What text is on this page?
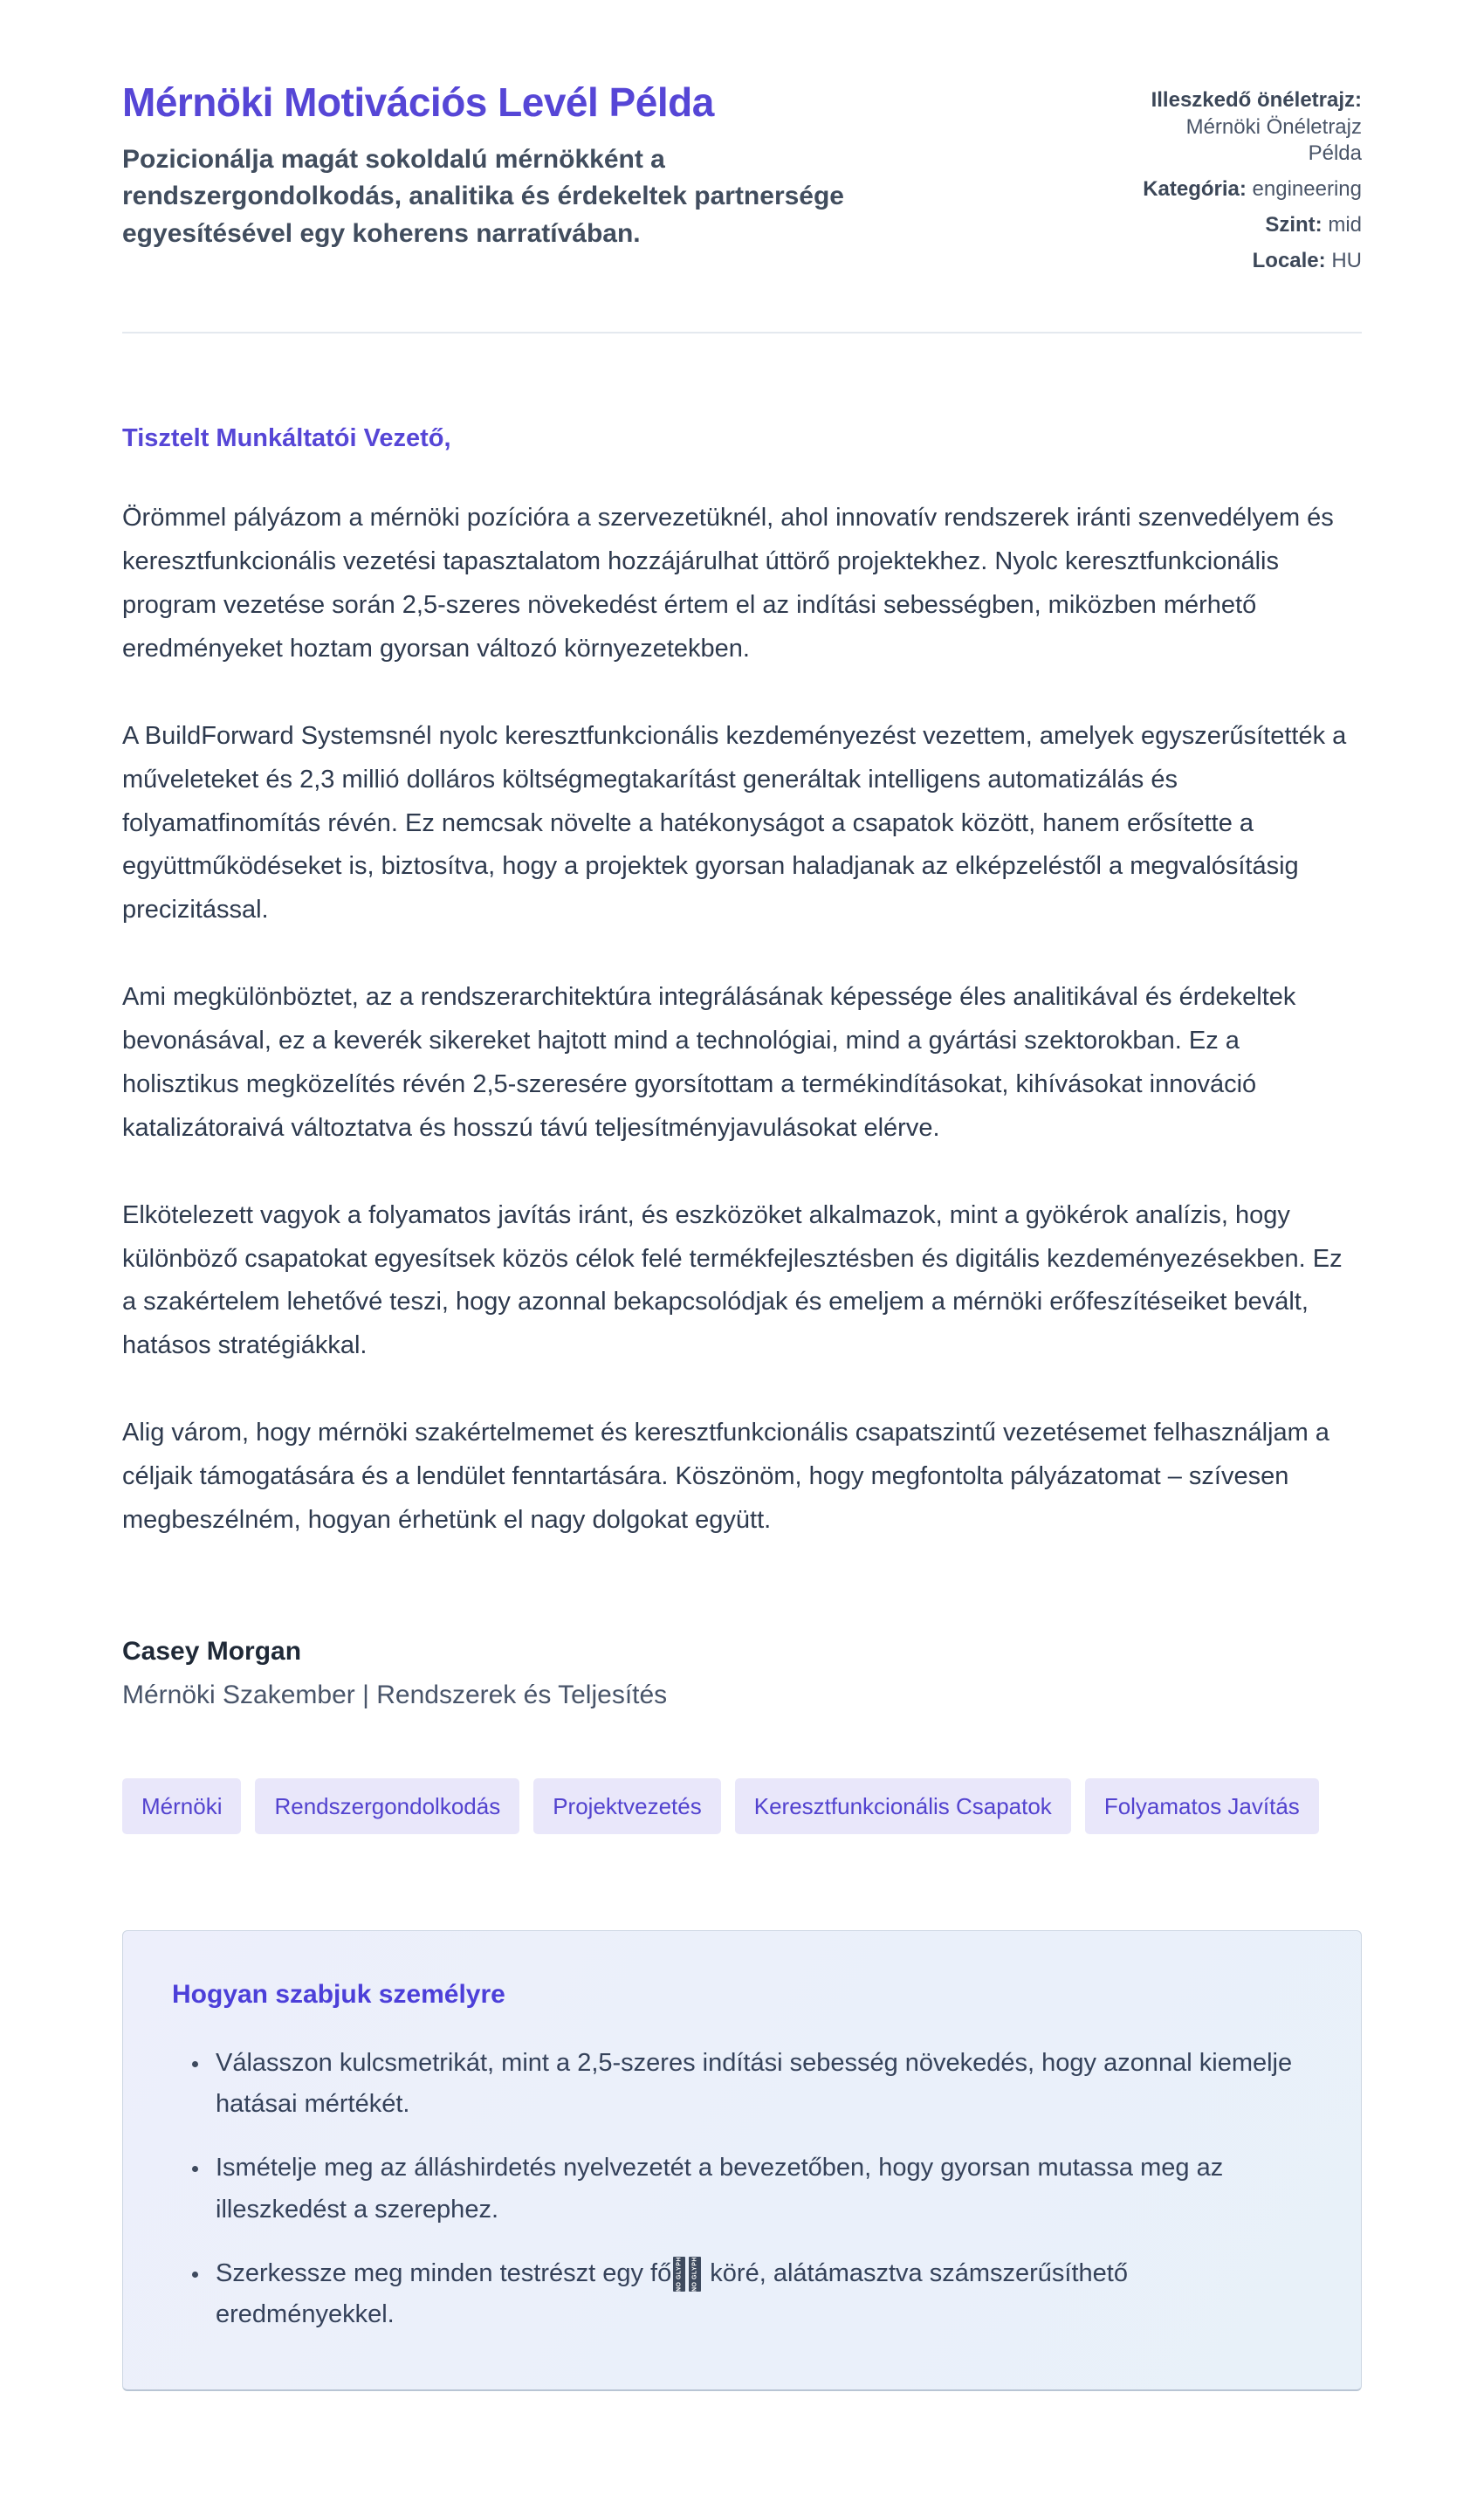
Mérnöki Motivációs Levél Példa

Pozicionálja magát sokoldalú mérnökként a rendszergondolkodás, analitika és érdekeltek partnersége egyesítésével egy koherens narratívában.

Illeszkedő önéletrajz: Mérnöki Önéletrajz Példa
Kategória: engineering
Szint: mid
Locale: HU

Tisztelt Munkáltatói Vezető,

Örömmel pályázom a mérnöki pozícióra a szervezetüknél, ahol innovatív rendszerek iránti szenvedélyem és keresztfunkcionális vezetési tapasztalatom hozzájárulhat úttörő projektekhez. Nyolc keresztfunkcionális program vezetése során 2,5-szeres növekedést értem el az indítási sebességben, miközben mérhető eredményeket hoztam gyorsan változó környezetekben.

A BuildForward Systemsnél nyolc keresztfunkcionális kezdeményezést vezettem, amelyek egyszerűsítették a műveleteket és 2,3 millió dolláros költségmegtakarítást generáltak intelligens automatizálás és folyamatfinomítás révén. Ez nemcsak növelte a hatékonyságot a csapatok között, hanem erősítette a együttműködéseket is, biztosítva, hogy a projektek gyorsan haladjanak az elképzeléstől a megvalósításig precizitással.

Ami megkülönböztet, az a rendszerarchitektúra integrálásának képessége éles analitikával és érdekeltek bevonásával, ez a keverék sikereket hajtott mind a technológiai, mind a gyártási szektorokban. Ez a holisztikus megközelítés révén 2,5-szeresére gyorsítottam a termékindításokat, kihívásokat innováció katalizátoraivá változtatva és hosszú távú teljesítményjavulásokat elérve.

Elkötelezett vagyok a folyamatos javítás iránt, és eszközöket alkalmazok, mint a gyökérok analízis, hogy különböző csapatokat egyesítsek közös célok felé termékfejlesztésben és digitális kezdeményezésekben. Ez a szakértelem lehetővé teszi, hogy azonnal bekapcsolódjak és emeljem a mérnöki erőfeszítéseiket bevált, hatásos stratégiákkal.

Alig várom, hogy mérnöki szakértelmemet és keresztfunkcionális csapatszintű vezetésemet felhasználjam a céljaik támogatására és a lendület fenntartására. Köszönöm, hogy megfontolta pályázatomat – szívesen megbeszélném, hogyan érhetünk el nagy dolgokat együtt.

Casey Morgan

Mérnöki Szakember | Rendszerek és Teljesítés

Mérnöki	Rendszergondolkodás	Projektvezetés	Keresztfunkcionális Csapatok	Folyamatos Javítás
Hogyan szabjuk személyre
• Válasszon kulcsmetrikát, mint a 2,5-szeres indítási sebesség növekedés, hogy azonnal kiemelje hatásai mértékét.
• Ismételje meg az álláshirdetés nyelvezetét a bevezetőben, hogy gyorsan mutassa meg az illeszkedést a szerephez.
• Szerkessze meg minden testrészt egy fő NO GLYPH NO GLYPH köré, alátámasztva számszerűsíthető eredményekkel.
